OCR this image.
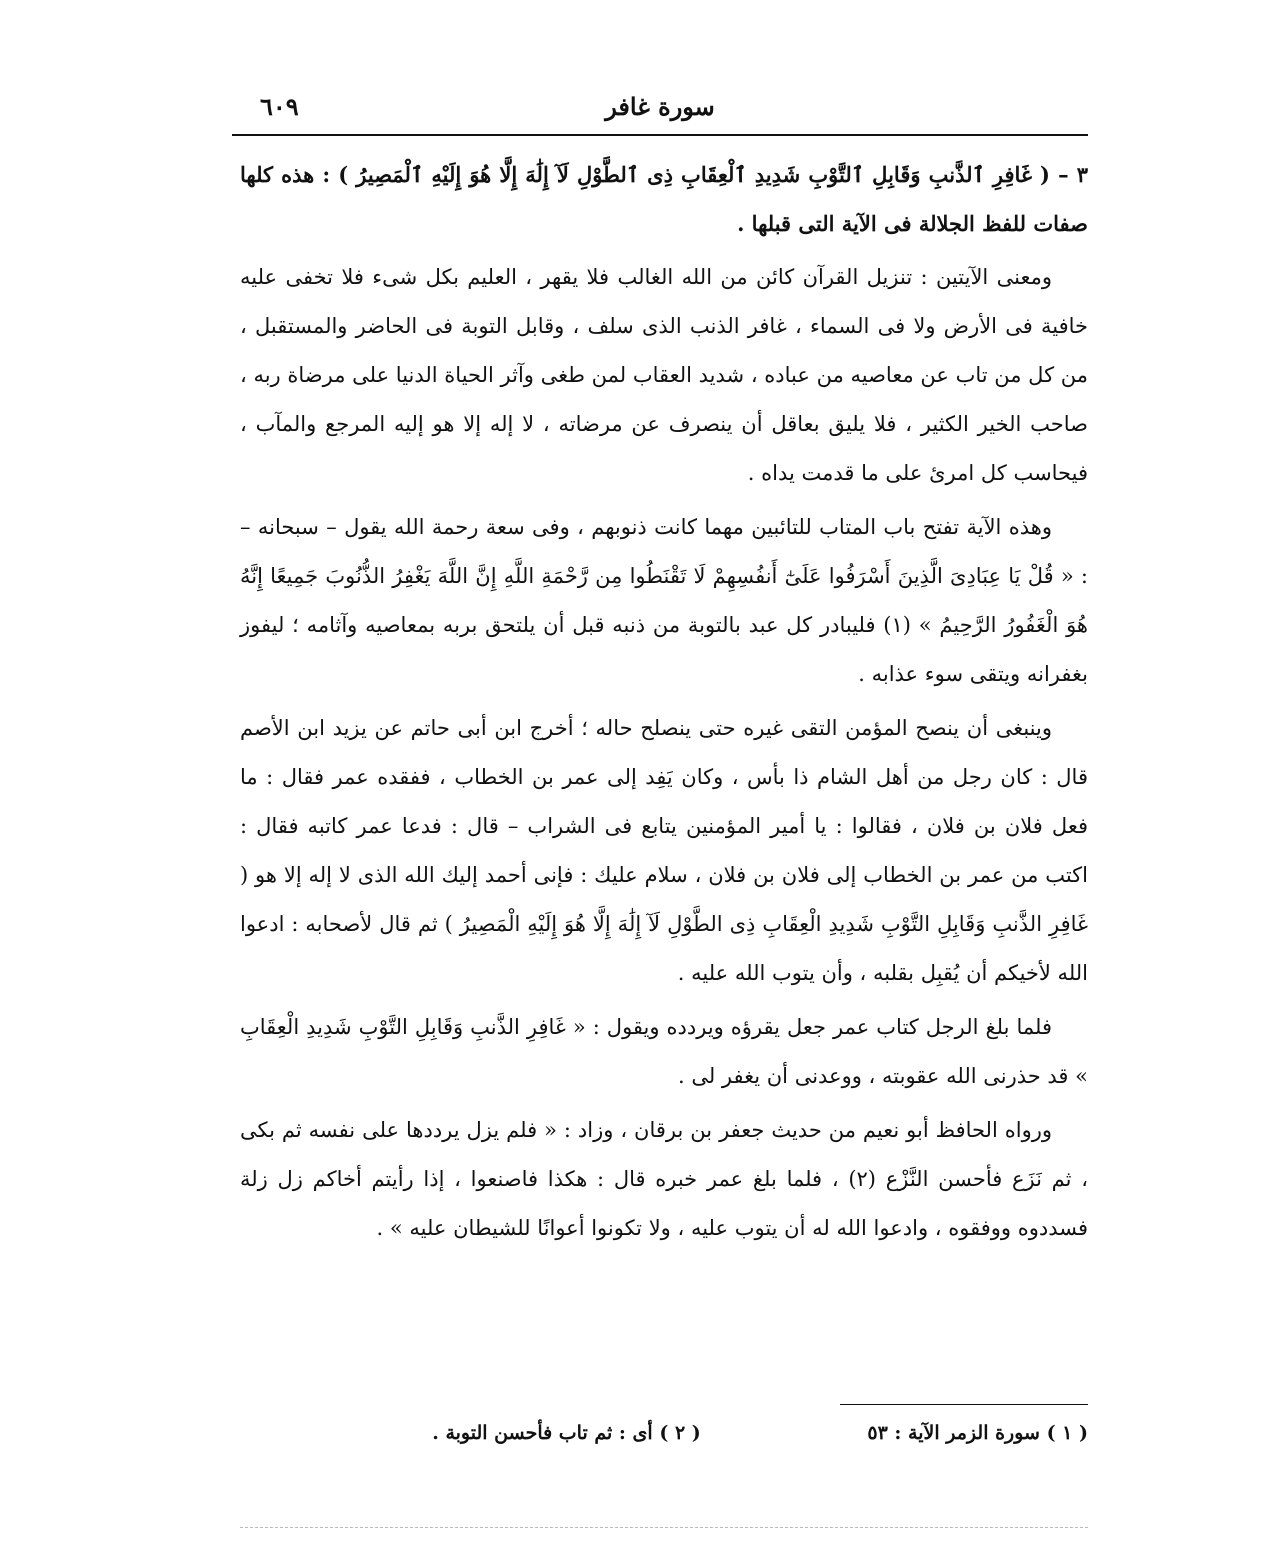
سورة غافر
٦٠٩

٣ – ( غَافِرِ ٱلذَّنبِ وَقَابِلِ ٱلتَّوْبِ شَدِيدِ ٱلْعِقَابِ ذِى ٱلطَّوْلِ لَآ إِلَٰهَ إِلَّا هُوَ إِلَيْهِ ٱلْمَصِيرُ ) : هذه كلها صفات للفظ الجلالة فى الآية التى قبلها .

ومعنى الآيتين : تنزيل القرآن كائن من الله الغالب فلا يقهر ، العليم بكل شىء فلا تخفى عليه خافية فى الأرض ولا فى السماء ، غافر الذنب الذى سلف ، وقابل التوبة فى الحاضر والمستقبل ، من كل من تاب عن معاصيه من عباده ، شديد العقاب لمن طغى وآثر الحياة الدنيا على مرضاة ربه ، صاحب الخير الكثير ، فلا يليق بعاقل أن ينصرف عن مرضاته ، لا إله إلا هو إليه المرجع والمآب ، فيحاسب كل امرئ على ما قدمت يداه .

وهذه الآية تفتح باب المتاب للتائبين مهما كانت ذنوبهم ، وفى سعة رحمة الله يقول – سبحانه – : « قُلْ يَا عِبَادِىَ الَّذِينَ أَسْرَفُوا عَلَىٰٓ أَنفُسِهِمْ لَا تَقْنَطُوا مِن رَّحْمَةِ اللَّهِ إِنَّ اللَّهَ يَغْفِرُ الذُّنُوبَ جَمِيعًا إِنَّهُ هُوَ الْغَفُورُ الرَّحِيمُ » (١) فليبادر كل عبد بالتوبة من ذنبه قبل أن يلتحق بربه بمعاصيه وآثامه ؛ ليفوز بغفرانه ويتقى سوء عذابه .

وينبغى أن ينصح المؤمن التقى غيره حتى ينصلح حاله ؛ أخرج ابن أبى حاتم عن يزيد ابن الأصم قال : كان رجل من أهل الشام ذا بأس ، وكان يَفِد إلى عمر بن الخطاب ، ففقده عمر فقال : ما فعل فلان بن فلان ، فقالوا : يا أمير المؤمنين يتابع فى الشراب – قال : فدعا عمر كاتبه فقال : اكتب من عمر بن الخطاب إلى فلان بن فلان ، سلام عليك : فإنى أحمد إليك الله الذى لا إله إلا هو ( غَافِرِ الذَّنبِ وَقَابِلِ التَّوْبِ شَدِيدِ الْعِقَابِ ذِى الطَّوْلِ لَآ إِلَٰهَ إِلَّا هُوَ إِلَيْهِ الْمَصِيرُ ) ثم قال لأصحابه : ادعوا الله لأخيكم أن يُقبِل بقلبه ، وأن يتوب الله عليه .

فلما بلغ الرجل كتاب عمر جعل يقرؤه ويردده ويقول : « غَافِرِ الذَّنبِ وَقَابِلِ التَّوْبِ شَدِيدِ الْعِقَابِ » قد حذرنى الله عقوبته ، ووعدنى أن يغفر لى .

ورواه الحافظ أبو نعيم من حديث جعفر بن برقان ، وزاد : « فلم يزل يرددها على نفسه ثم بكى ، ثم نَزَع فأحسن النَّزْع (٢) ، فلما بلغ عمر خبره قال : هكذا فاصنعوا ، إذا رأيتم أخاكم زل زلة فسددوه ووفقوه ، وادعوا الله له أن يتوب عليه ، ولا تكونوا أعوانًا للشيطان عليه » .

( ١ ) سورة الزمر الآية : ٥٣ ( ٢ ) أى : ثم تاب فأحسن التوبة .
